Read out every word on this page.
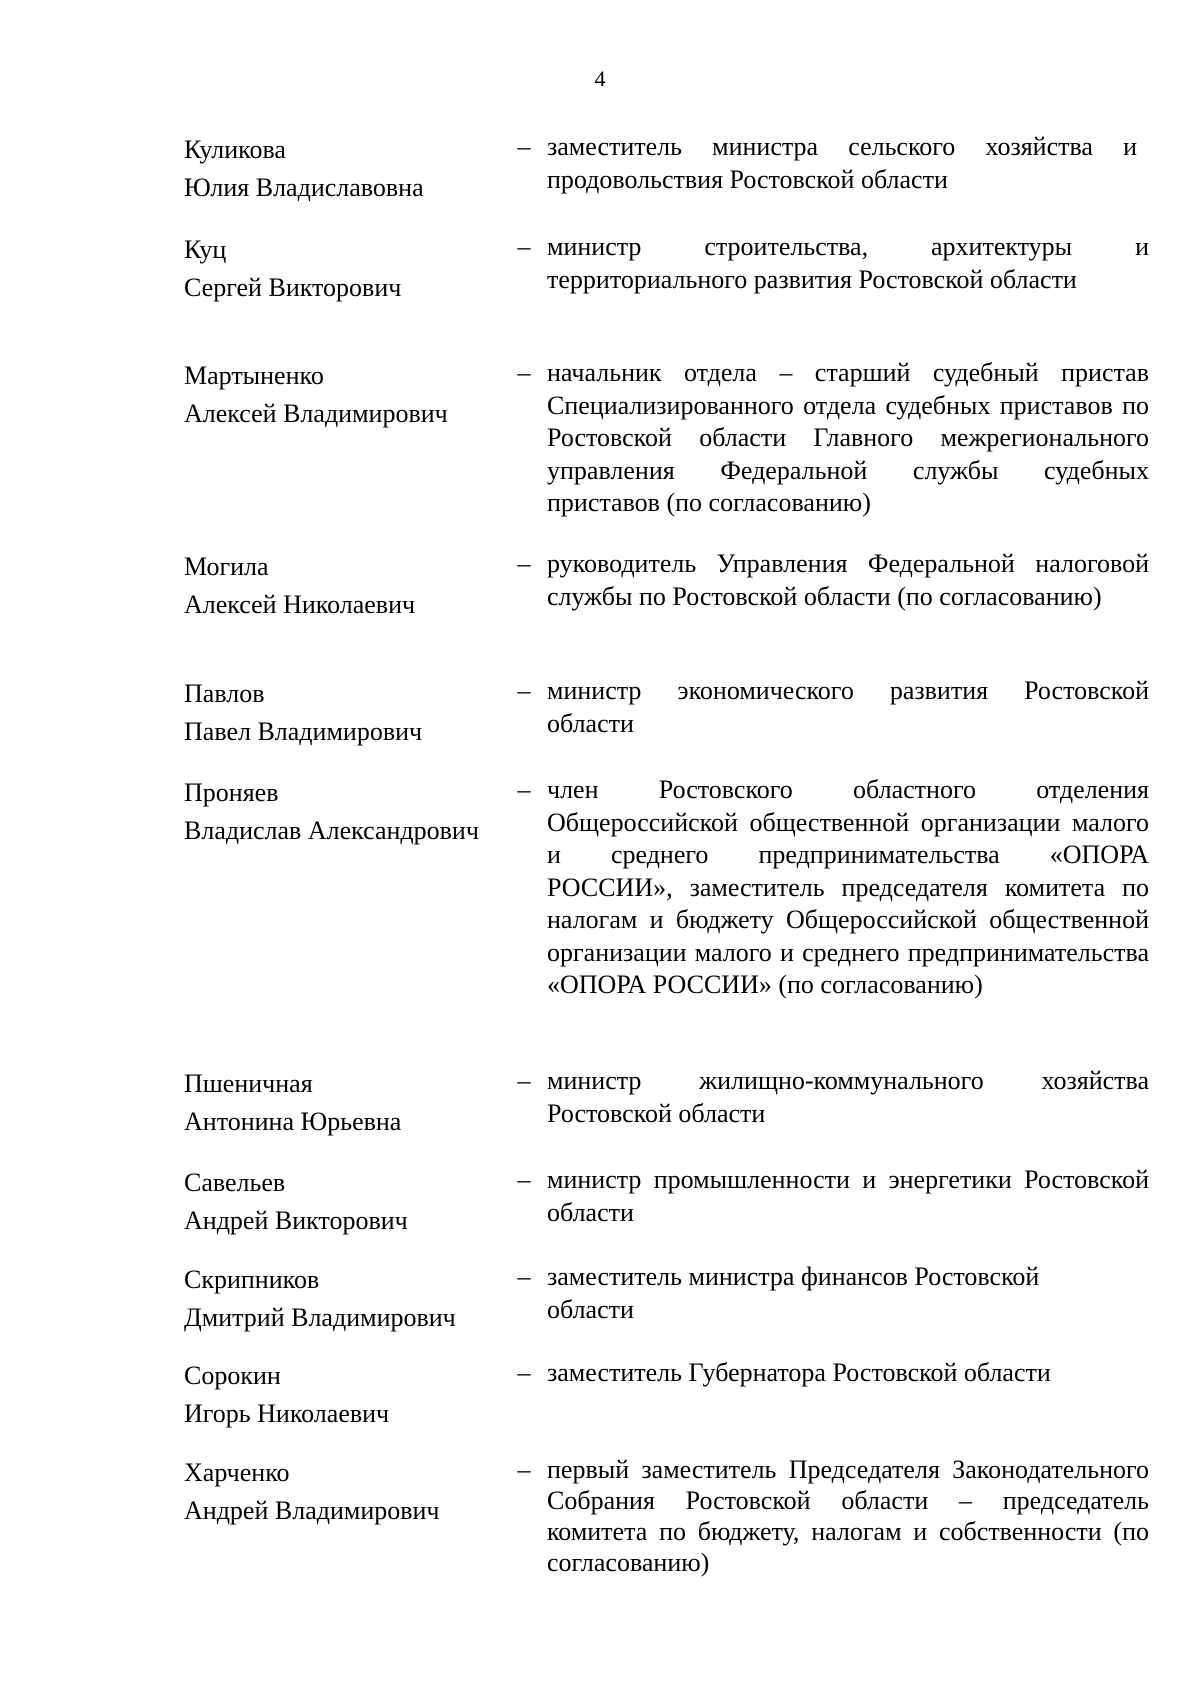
4
Куликова
Юлия Владиславовна
– заместитель министра сельского хозяйства и продовольствия Ростовской области
Куц
Сергей Викторович
– министр строительства, архитектуры и территориального развития Ростовской области
Мартыненко
Алексей Владимирович
– начальник отдела – старший судебный пристав Специализированного отдела судебных приставов по Ростовской области Главного межрегионального управления Федеральной службы судебных приставов (по согласованию)
Могила
Алексей Николаевич
– руководитель Управления Федеральной налоговой службы по Ростовской области (по согласованию)
Павлов
Павел Владимирович
– министр экономического развития Ростовской области
Проняев
Владислав Александрович
– член Ростовского областного отделения Общероссийской общественной организации малого и среднего предпринимательства «ОПОРА РОССИИ», заместитель председателя комитета по налогам и бюджету Общероссийской общественной организации малого и среднего предпринимательства «ОПОРА РОССИИ» (по согласованию)
Пшеничная
Антонина Юрьевна
– министр жилищно-коммунального хозяйства Ростовской области
Савельев
Андрей Викторович
– министр промышленности и энергетики Ростовской области
Скрипников
Дмитрий Владимирович
– заместитель министра финансов Ростовской области
Сорокин
Игорь Николаевич
– заместитель Губернатора Ростовской области
Харченко
Андрей Владимирович
– первый заместитель Председателя Законодательного Собрания Ростовской области – председатель комитета по бюджету, налогам и собственности (по согласованию)
